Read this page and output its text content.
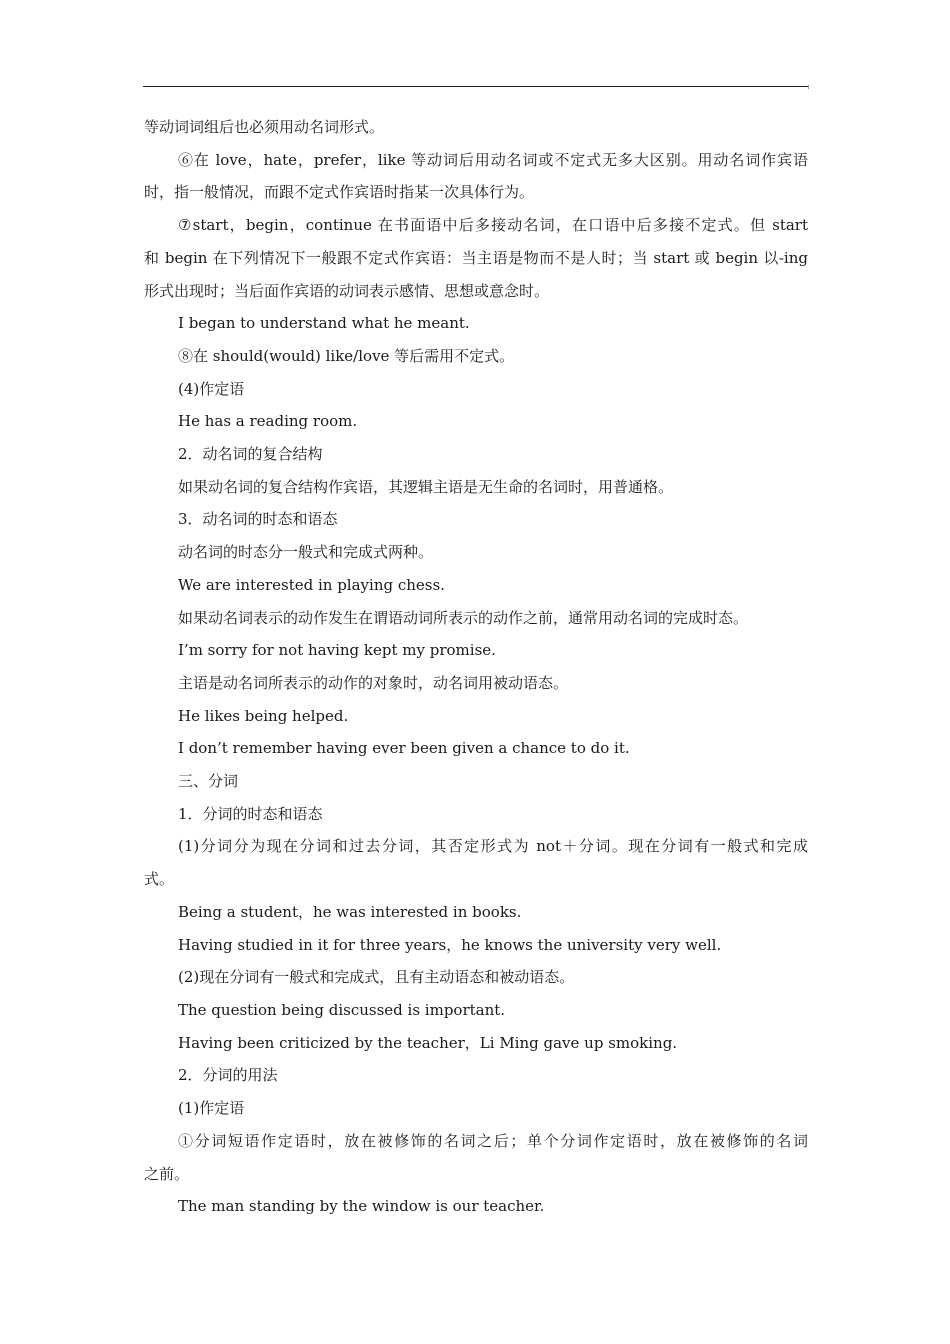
等动词词组后也必须用动名词形式。
⑥在 love，hate，prefer，like 等动词后用动名词或不定式无多大区别。用动名词作宾语
时，指一般情况，而跟不定式作宾语时指某一次具体行为。
⑦start，begin，continue 在书面语中后多接动名词，在口语中后多接不定式。但 start
和 begin 在下列情况下一般跟不定式作宾语：当主语是物而不是人时；当 start 或 begin 以-ing
形式出现时；当后面作宾语的动词表示感情、思想或意念时。
I began to understand what he meant.
⑧在 should(would) like/love 等后需用不定式。
(4)作定语
He has a reading room.
2．动名词的复合结构
如果动名词的复合结构作宾语，其逻辑主语是无生命的名词时，用普通格。
3．动名词的时态和语态
动名词的时态分一般式和完成式两种。
We are interested in playing chess.
如果动名词表示的动作发生在谓语动词所表示的动作之前，通常用动名词的完成时态。
I’m sorry for not having kept my promise.
主语是动名词所表示的动作的对象时，动名词用被动语态。
He likes being helped.
I don’t remember having ever been given a chance to do it.
三、分词
1．分词的时态和语态
(1)分词分为现在分词和过去分词，其否定形式为 not＋分词。现在分词有一般式和完成
式。
Being a student，he was interested in books.
Having studied in it for three years，he knows the university very well.
(2)现在分词有一般式和完成式，且有主动语态和被动语态。
The question being discussed is important.
Having been criticized by the teacher，Li Ming gave up smoking.
2．分词的用法
(1)作定语
①分词短语作定语时，放在被修饰的名词之后；单个分词作定语时，放在被修饰的名词
之前。
The man standing by the window is our teacher.
